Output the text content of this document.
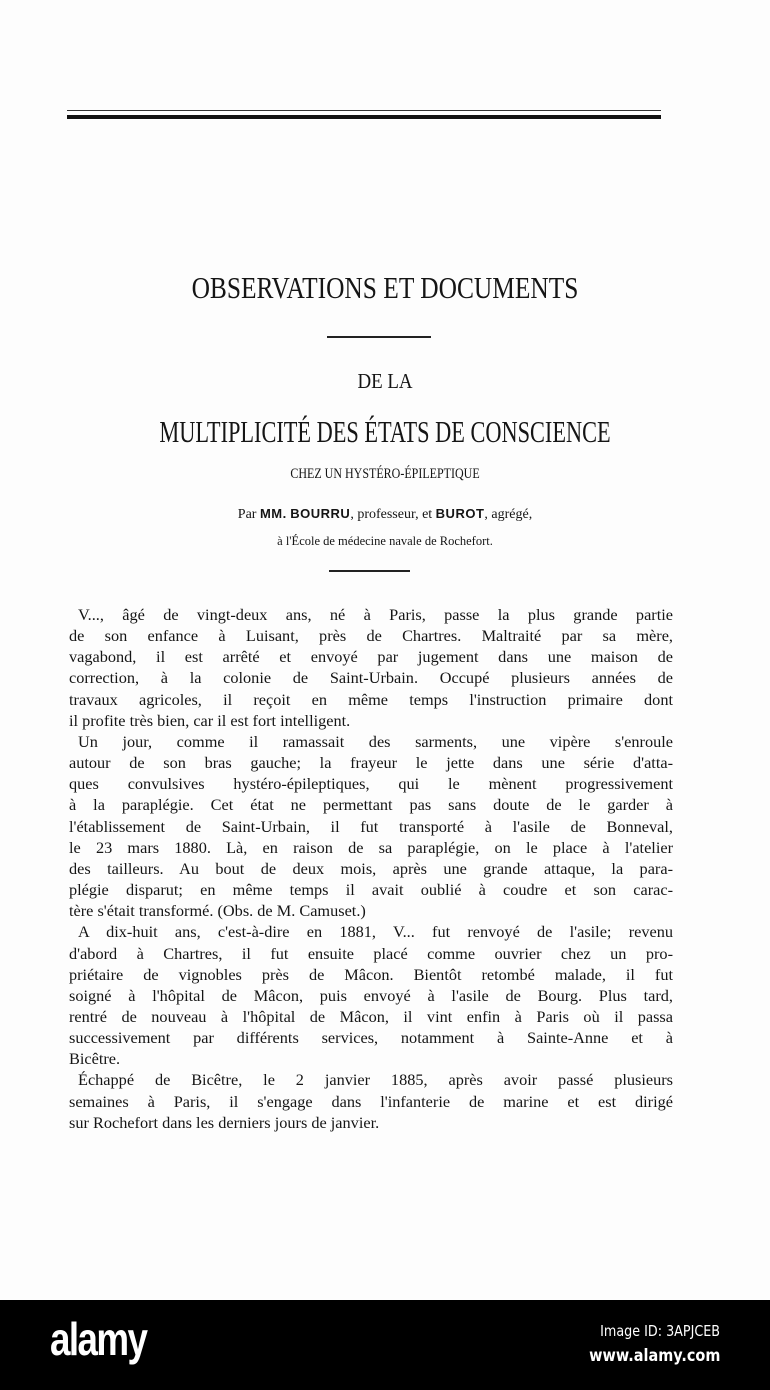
OBSERVATIONS ET DOCUMENTS
DE LA
MULTIPLICITÉ DES ÉTATS DE CONSCIENCE
CHEZ UN HYSTÉRO-ÉPILEPTIQUE
Par MM. BOURRU, professeur, et BUROT, agrégé,
à l'École de médecine navale de Rochefort.
V..., âgé de vingt-deux ans, né à Paris, passe la plus grande partie
de son enfance à Luisant, près de Chartres. Maltraité par sa mère,
vagabond, il est arrêté et envoyé par jugement dans une maison de
correction, à la colonie de Saint-Urbain. Occupé plusieurs années de
travaux agricoles, il reçoit en même temps l'instruction primaire dont
il profite très bien, car il est fort intelligent.
Un jour, comme il ramassait des sarments, une vipère s'enroule
autour de son bras gauche; la frayeur le jette dans une série d'atta-
ques convulsives hystéro-épileptiques, qui le mènent progressivement
à la paraplégie. Cet état ne permettant pas sans doute de le garder à
l'établissement de Saint-Urbain, il fut transporté à l'asile de Bonneval,
le 23 mars 1880. Là, en raison de sa paraplégie, on le place à l'atelier
des tailleurs. Au bout de deux mois, après une grande attaque, la para-
plégie disparut; en même temps il avait oublié à coudre et son carac-
tère s'était transformé. (Obs. de M. Camuset.)
A dix-huit ans, c'est-à-dire en 1881, V... fut renvoyé de l'asile; revenu
d'abord à Chartres, il fut ensuite placé comme ouvrier chez un pro-
priétaire de vignobles près de Mâcon. Bientôt retombé malade, il fut
soigné à l'hôpital de Mâcon, puis envoyé à l'asile de Bourg. Plus tard,
rentré de nouveau à l'hôpital de Mâcon, il vint enfin à Paris où il passa
successivement par différents services, notamment à Sainte-Anne et à
Bicêtre.
Échappé de Bicêtre, le 2 janvier 1885, après avoir passé plusieurs
semaines à Paris, il s'engage dans l'infanterie de marine et est dirigé
sur Rochefort dans les derniers jours de janvier.
alamy	Image ID: 3APJCEB
www.alamy.com
